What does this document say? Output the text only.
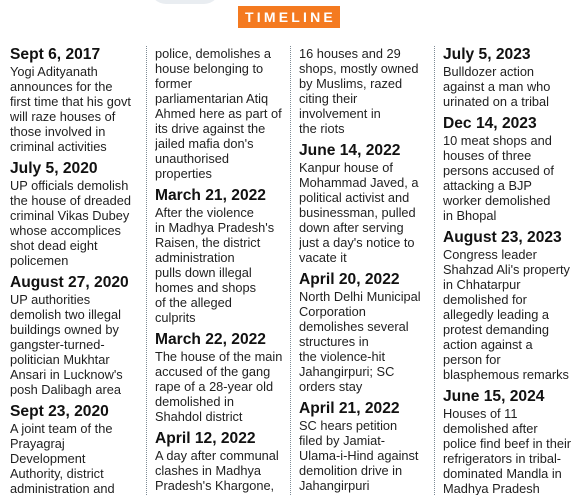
TIMELINE
Sept 6, 2017
Yogi Adityanath
announces for the
first time that his govt
will raze houses of
those involved in
criminal activities
July 5, 2020
UP officials demolish
the house of dreaded
criminal Vikas Dubey
whose accomplices
shot dead eight
policemen
August 27, 2020
UP authorities
demolish two illegal
buildings owned by
gangster-turned-
politician Mukhtar
Ansari in Lucknow's
posh Dalibagh area
Sept 23, 2020
A joint team of the
Prayagraj
Development
Authority, district
administration and
police, demolishes a
house belonging to
former
parliamentarian Atiq
Ahmed here as part of
its drive against the
jailed mafia don's
unauthorised
properties
March 21, 2022
After the violence
in Madhya Pradesh's
Raisen, the district
administration
pulls down illegal
homes and shops
of the alleged
culprits
March 22, 2022
The house of the main
accused of the gang
rape of a 28-year old
demolished in
Shahdol district
April 12, 2022
A day after communal
clashes in Madhya
Pradesh's Khargone,
16 houses and 29
shops, mostly owned
by Muslims, razed
citing their
involvement in
the riots
June 14, 2022
Kanpur house of
Mohammad Javed, a
political activist and
businessman, pulled
down after serving
just a day's notice to
vacate it
April 20, 2022
North Delhi Municipal
Corporation
demolishes several
structures in
the violence-hit
Jahangirpuri; SC
orders stay
April 21, 2022
SC hears petition
filed by Jamiat-
Ulama-i-Hind against
demolition drive in
Jahangirpuri
July 5, 2023
Bulldozer action
against a man who
urinated on a tribal
Dec 14, 2023
10 meat shops and
houses of three
persons accused of
attacking a BJP
worker demolished
in Bhopal
August 23, 2023
Congress leader
Shahzad Ali's property
in Chhatarpur
demolished for
allegedly leading a
protest demanding
action against a
person for
blasphemous remarks
June 15, 2024
Houses of 11
demolished after
police find beef in their
refrigerators in tribal-
dominated Mandla in
Madhya Pradesh
